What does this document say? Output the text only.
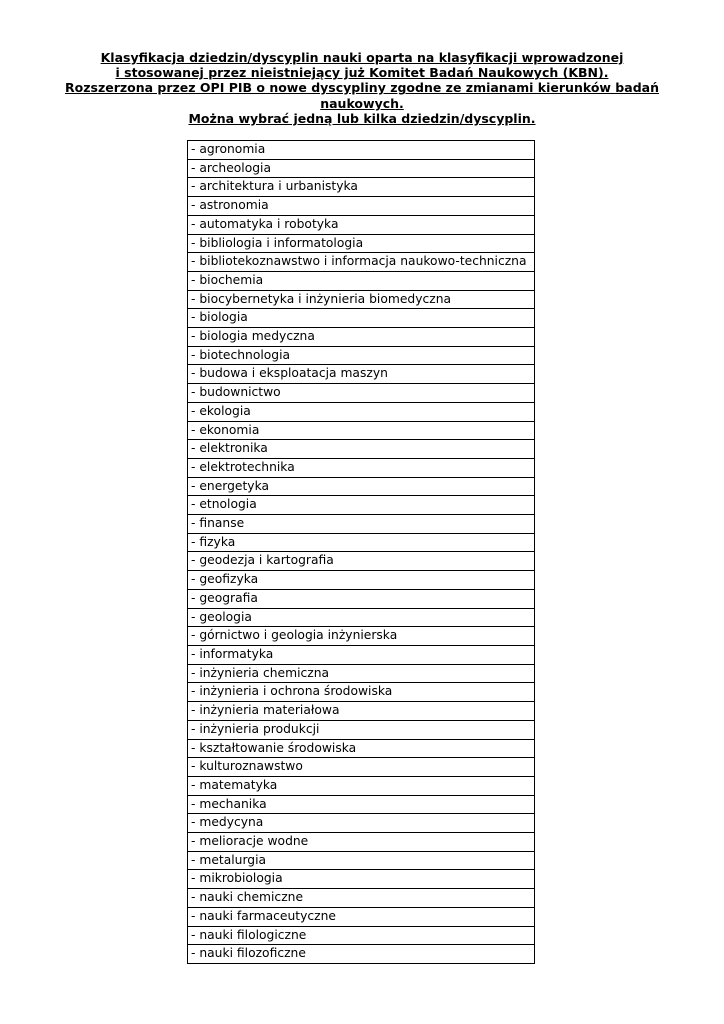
Klasyfikacja dziedzin/dyscyplin nauki oparta na klasyfikacji wprowadzonej
i stosowanej przez nieistniejący już Komitet Badań Naukowych (KBN).
Rozszerzona przez OPI PIB o nowe dyscypliny zgodne ze zmianami kierunków badań
naukowych.
Można wybrać jedną lub kilka dziedzin/dyscyplin.
- agronomia
- archeologia
- architektura i urbanistyka
- astronomia
- automatyka i robotyka
- bibliologia i informatologia
- bibliotekoznawstwo i informacja naukowo-techniczna
- biochemia
- biocybernetyka i inżynieria biomedyczna
- biologia
- biologia medyczna
- biotechnologia
- budowa i eksploatacja maszyn
- budownictwo
- ekologia
- ekonomia
- elektronika
- elektrotechnika
- energetyka
- etnologia
- finanse
- fizyka
- geodezja i kartografia
- geofizyka
- geografia
- geologia
- górnictwo i geologia inżynierska
- informatyka
- inżynieria chemiczna
- inżynieria i ochrona środowiska
- inżynieria materiałowa
- inżynieria produkcji
- kształtowanie środowiska
- kulturoznawstwo
- matematyka
- mechanika
- medycyna
- melioracje wodne
- metalurgia
- mikrobiologia
- nauki chemiczne
- nauki farmaceutyczne
- nauki filologiczne
- nauki filozoficzne
